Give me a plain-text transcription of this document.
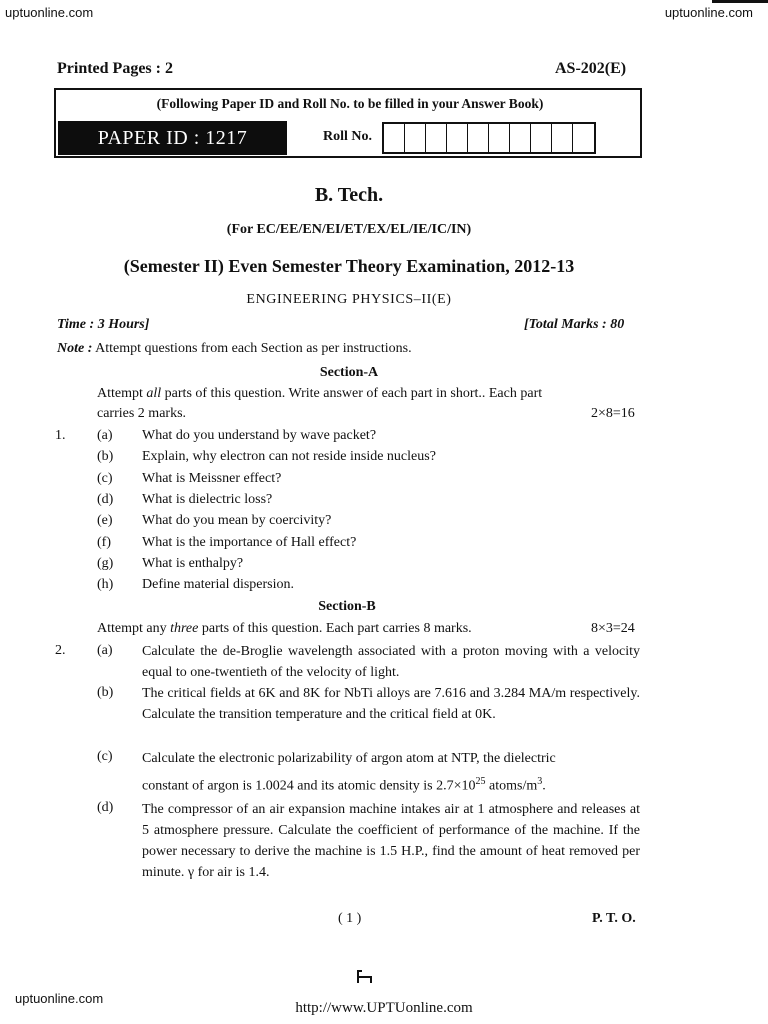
uptuonline.com	uptuonline.com
Printed Pages : 2	AS-202(E)
(Following Paper ID and Roll No. to be filled in your Answer Book)
PAPER ID : 1217	Roll No.
B. Tech.
(For EC/EE/EN/EI/ET/EX/EL/IE/IC/IN)
(Semester II) Even Semester Theory Examination, 2012-13
ENGINEERING PHYSICS–II(E)
Time : 3 Hours]	[Total Marks : 80
Note : Attempt questions from each Section as per instructions.
Section-A
Attempt all parts of this question. Write answer of each part in short.. Each part
carries 2 marks.	2×8=16
1. (a) What do you understand by wave packet?
(b) Explain, why electron can not reside inside nucleus?
(c) What is Meissner effect?
(d) What is dielectric loss?
(e) What do you mean by coercivity?
(f) What is the importance of Hall effect?
(g) What is enthalpy?
(h) Define material dispersion.
Section-B
Attempt any three parts of this question. Each part carries 8 marks.	8×3=24
2. (a) Calculate the de-Broglie wavelength associated with a proton moving with a velocity equal to one-twentieth of the velocity of light.
(b) The critical fields at 6K and 8K for NbTi alloys are 7.616 and 3.284 MA/m respectively. Calculate the transition temperature and the critical field at 0K.
(c) Calculate the electronic polarizability of argon atom at NTP, the dielectric
constant of argon is 1.0024 and its atomic density is $2.7\times 10^{25}$ atoms/$m^3$.
(d) The compressor of an air expansion machine intakes air at 1 atmosphere and releases at 5 atmosphere pressure. Calculate the coefficient of performance of the machine. If the power necessary to derive the machine is 1.5 H.P., find the amount of heat removed per minute. γ for air is 1.4.
( 1 )	P. T. O.
uptuonline.com
http://www.UPTUonline.com
